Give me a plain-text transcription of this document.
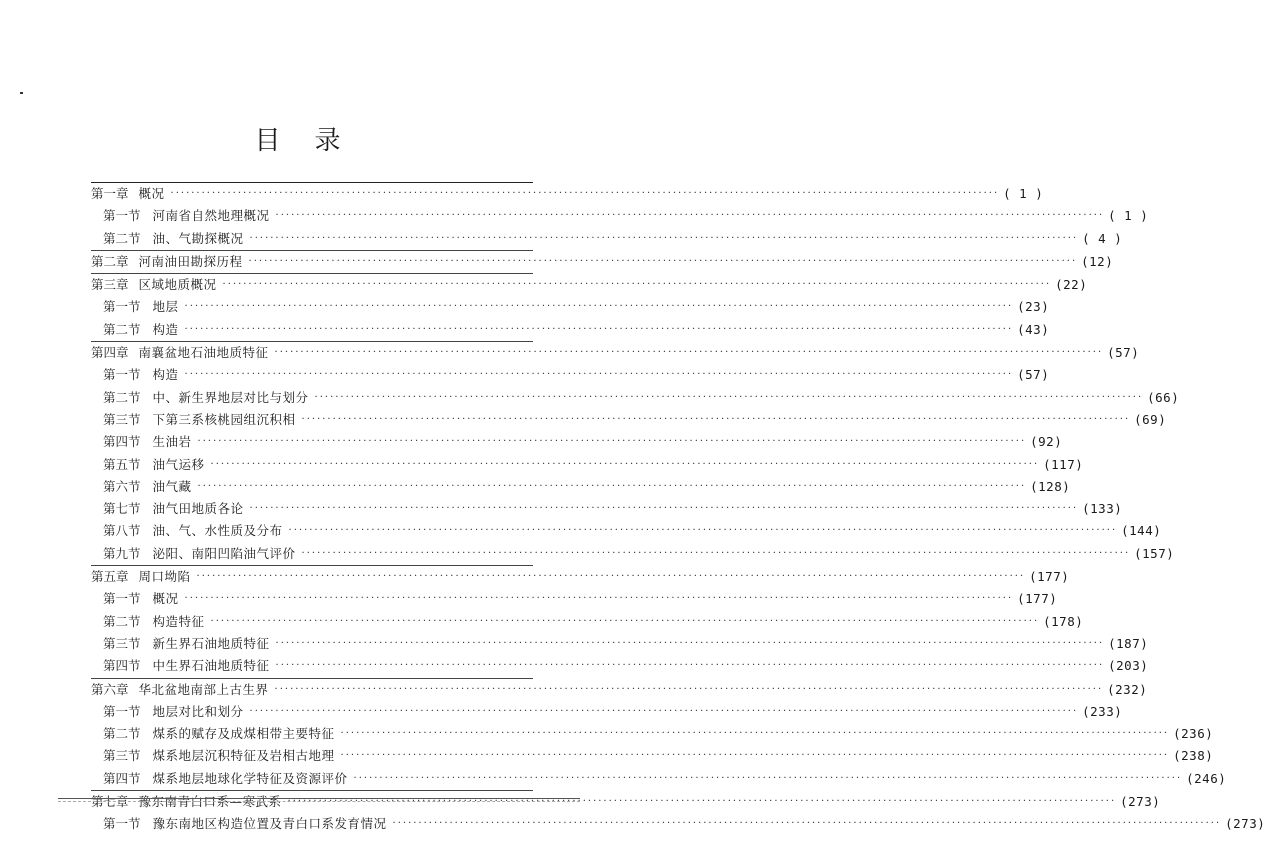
目录
第一章 概况 ································································································································································ ( 1 )
第一节 河南省自然地理概况 ································································································································································ ( 1 )
第二节 油、气勘探概况 ································································································································································ ( 4 )
第二章 河南油田勘探历程 ································································································································································ (12)
第三章 区域地质概况 ································································································································································ (22)
第一节 地层 ································································································································································ (23)
第二节 构造 ································································································································································ (43)
第四章 南襄盆地石油地质特征 ································································································································································ (57)
第一节 构造 ································································································································································ (57)
第二节 中、新生界地层对比与划分 ································································································································································ (66)
第三节 下第三系核桃园组沉积相 ································································································································································ (69)
第四节 生油岩 ································································································································································ (92)
第五节 油气运移 ································································································································································ (117)
第六节 油气藏 ································································································································································ (128)
第七节 油气田地质各论 ································································································································································ (133)
第八节 油、气、水性质及分布 ································································································································································ (144)
第九节 泌阳、南阳凹陷油气评价 ································································································································································ (157)
第五章 周口坳陷 ································································································································································ (177)
第一节 概况 ································································································································································ (177)
第二节 构造特征 ································································································································································ (178)
第三节 新生界石油地质特征 ································································································································································ (187)
第四节 中生界石油地质特征 ································································································································································ (203)
第六章 华北盆地南部上古生界 ································································································································································ (232)
第一节 地层对比和划分 ································································································································································ (233)
第二节 煤系的赋存及成煤相带主要特征 ································································································································································ (236)
第三节 煤系地层沉积特征及岩相古地理 ································································································································································ (238)
第四节 煤系地层地球化学特征及资源评价 ································································································································································ (246)
第七章 豫东南青白口系—寒武系 ································································································································································ (273)
第一节 豫东南地区构造位置及青白口系发育情况 ································································································································································ (273)
